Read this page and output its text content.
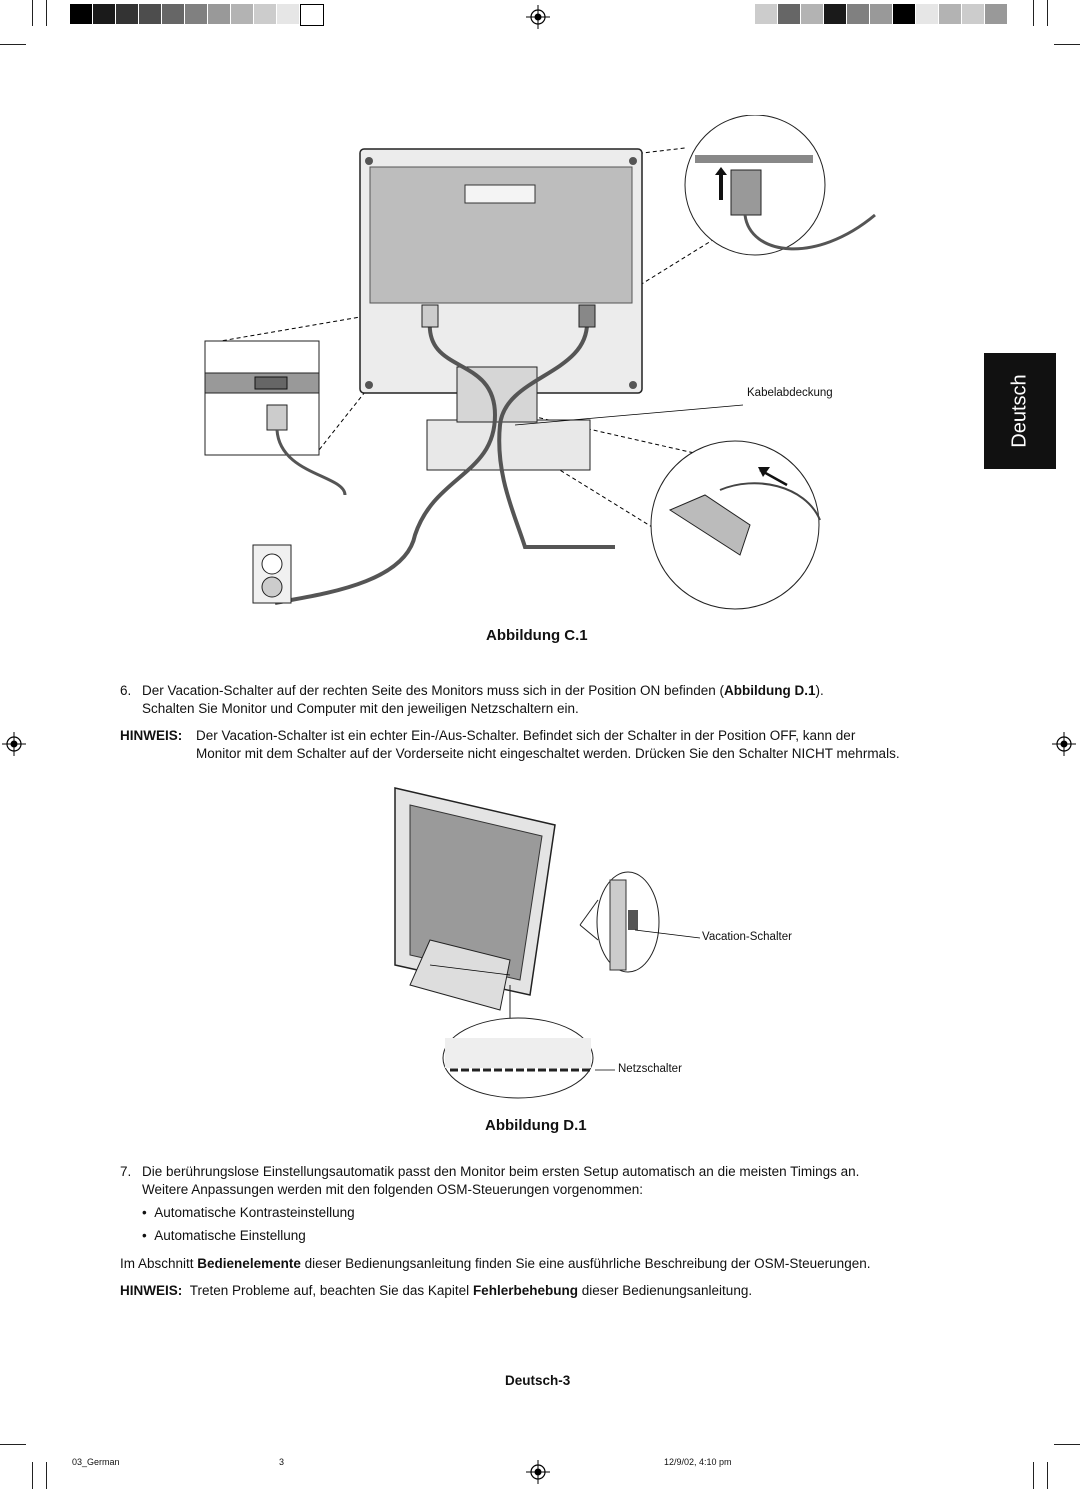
Deutsch
Kabelabdeckung
Abbildung C.1
6. Der Vacation-Schalter auf der rechten Seite des Monitors muss sich in der Position ON befinden (Abbildung D.1).
Schalten Sie Monitor und Computer mit den jeweiligen Netzschaltern ein.
HINWEIS: Der Vacation-Schalter ist ein echter Ein-/Aus-Schalter. Befindet sich der Schalter in der Position OFF, kann der
Monitor mit dem Schalter auf der Vorderseite nicht eingeschaltet werden. Drücken Sie den Schalter NICHT mehrmals.
Vacation-Schalter
Netzschalter
Abbildung D.1
7. Die berührungslose Einstellungsautomatik passt den Monitor beim ersten Setup automatisch an die meisten Timings an.
Weitere Anpassungen werden mit den folgenden OSM-Steuerungen vorgenommen:
•  Automatische Kontrasteinstellung
•  Automatische Einstellung
Im Abschnitt Bedienelemente dieser Bedienungsanleitung finden Sie eine ausführliche Beschreibung der OSM-Steuerungen.
HINWEIS: Treten Probleme auf, beachten Sie das Kapitel Fehlerbehebung dieser Bedienungsanleitung.
Deutsch-3
03_German	3	12/9/02, 4:10 pm
